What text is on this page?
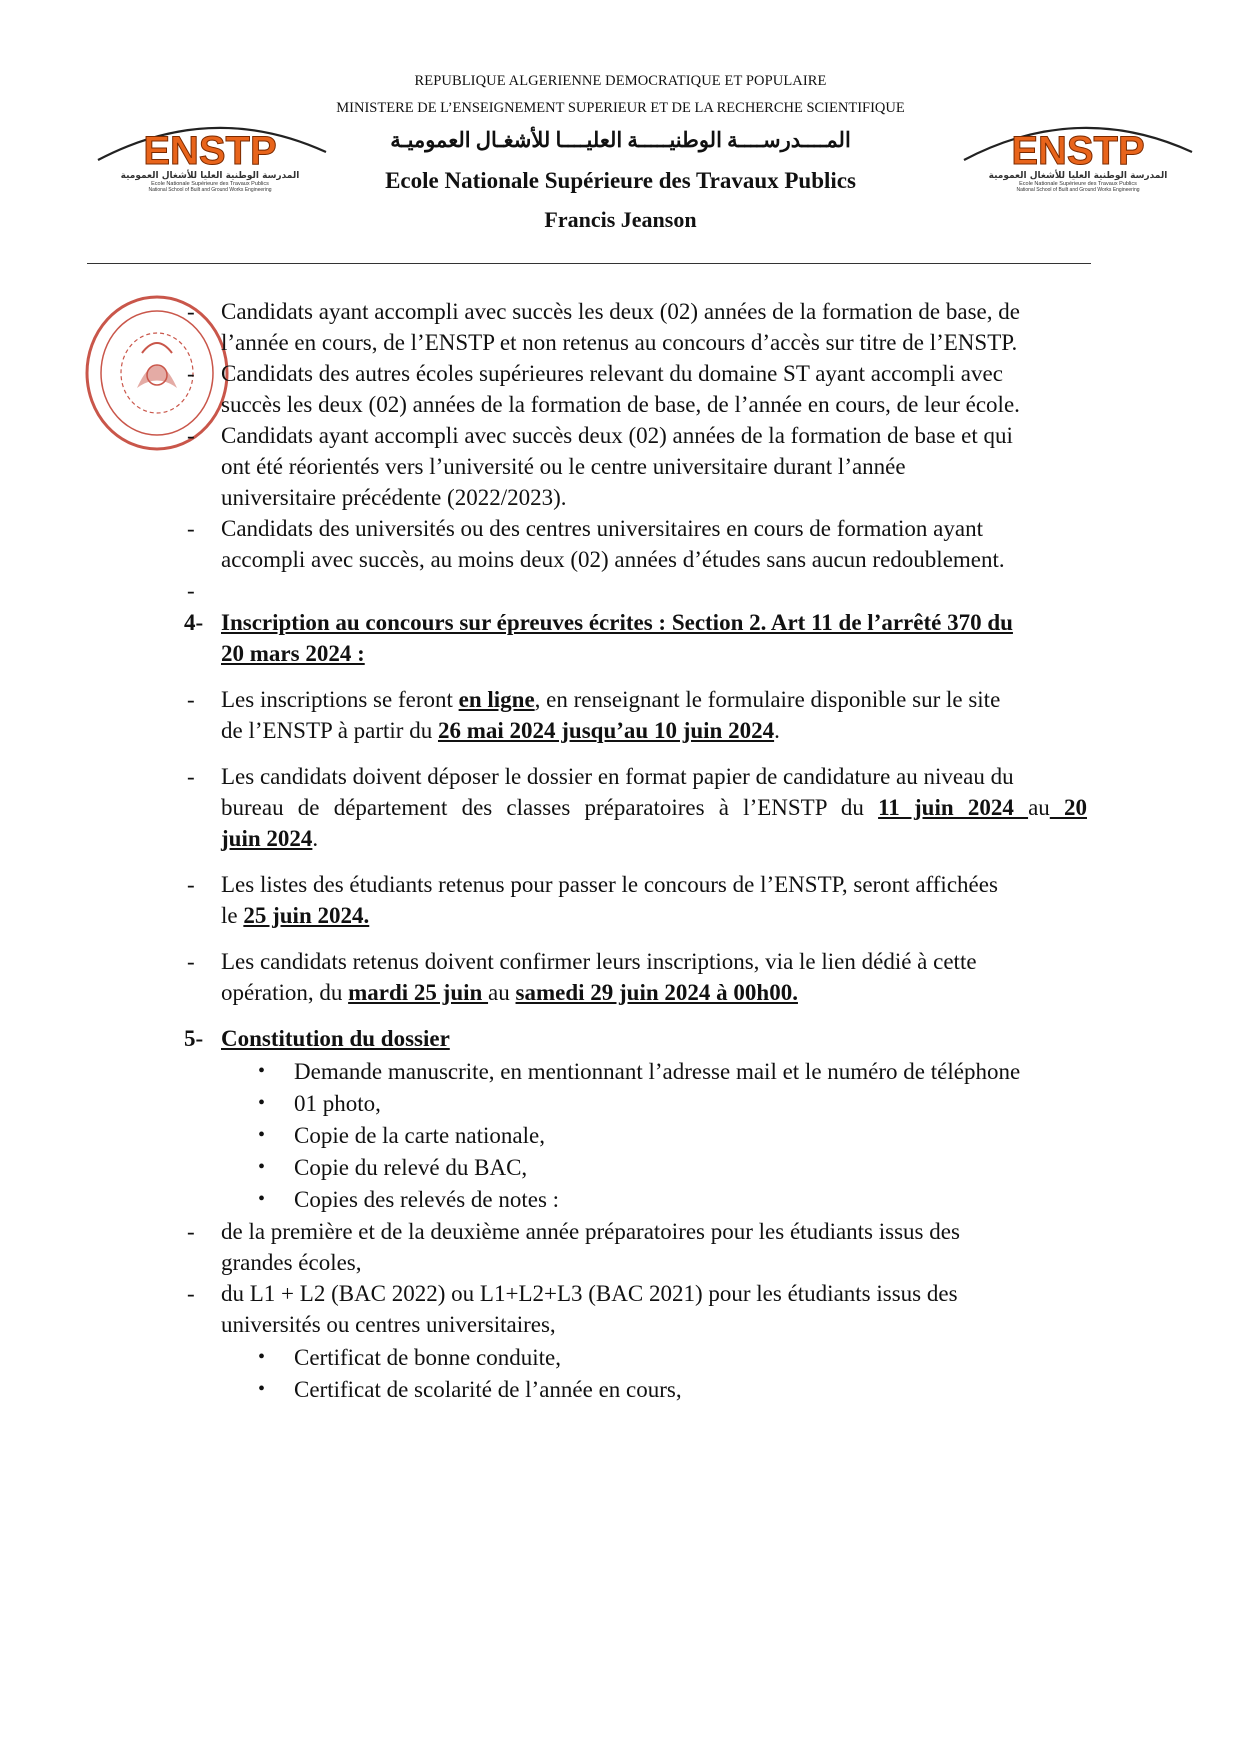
REPUBLIQUE ALGERIENNE DEMOCRATIQUE ET POPULAIRE
MINISTERE DE L’ENSEIGNEMENT SUPERIEUR ET DE LA RECHERCHE SCIENTIFIQUE
المــــدرســــة الوطنيـــــة العليــــا للأشغـال العموميـة
Ecole Nationale Supérieure des Travaux Publics
Francis Jeanson
ENSTP
المدرسة الوطنية العليا للأشغال العمومية
Ecole Nationale Supérieure des Travaux Publics
National School of Built and Ground Works Engineering
ENSTP
المدرسة الوطنية العليا للأشغال العمومية
Ecole Nationale Supérieure des Travaux Publics
National School of Built and Ground Works Engineering
- Candidats ayant accompli avec succès les deux (02) années de la formation de base, de
l’année en cours, de l’ENSTP et non retenus au concours d’accès sur titre de l’ENSTP.
- Candidats des autres écoles supérieures relevant du domaine ST ayant accompli avec
succès les deux (02) années de la formation de base, de l’année en cours, de leur école.
- Candidats ayant accompli avec succès deux (02) années de la formation de base et qui
ont été réorientés vers l’université ou le centre universitaire durant l’année
universitaire précédente (2022/2023).
- Candidats des universités ou des centres universitaires en cours de formation ayant
accompli avec succès, au moins deux (02) années d’études sans aucun redoublement.
-
4- Inscription au concours sur épreuves écrites : Section 2. Art 11 de l’arrêté 370 du
20 mars 2024 :
- Les inscriptions se feront en ligne, en renseignant le formulaire disponible sur le site
de l’ENSTP à partir du 26 mai 2024 jusqu’au 10 juin 2024.
- Les candidats doivent déposer le dossier en format papier de candidature au niveau du
bureau de département des classes préparatoires à l’ENSTP du 11 juin 2024 au 20
juin 2024.
- Les listes des étudiants retenus pour passer le concours de l’ENSTP, seront affichées
le 25 juin 2024.
- Les candidats retenus doivent confirmer leurs inscriptions, via le lien dédié à cette
opération, du mardi 25 juin au samedi 29 juin 2024 à 00h00.
5- Constitution du dossier
• Demande manuscrite, en mentionnant l’adresse mail et le numéro de téléphone
• 01 photo,
• Copie de la carte nationale,
• Copie du relevé du BAC,
• Copies des relevés de notes :
- de la première et de la deuxième année préparatoires pour les étudiants issus des
grandes écoles,
- du L1 + L2 (BAC 2022) ou L1+L2+L3 (BAC 2021) pour les étudiants issus des
universités ou centres universitaires,
• Certificat de bonne conduite,
• Certificat de scolarité de l’année en cours,
